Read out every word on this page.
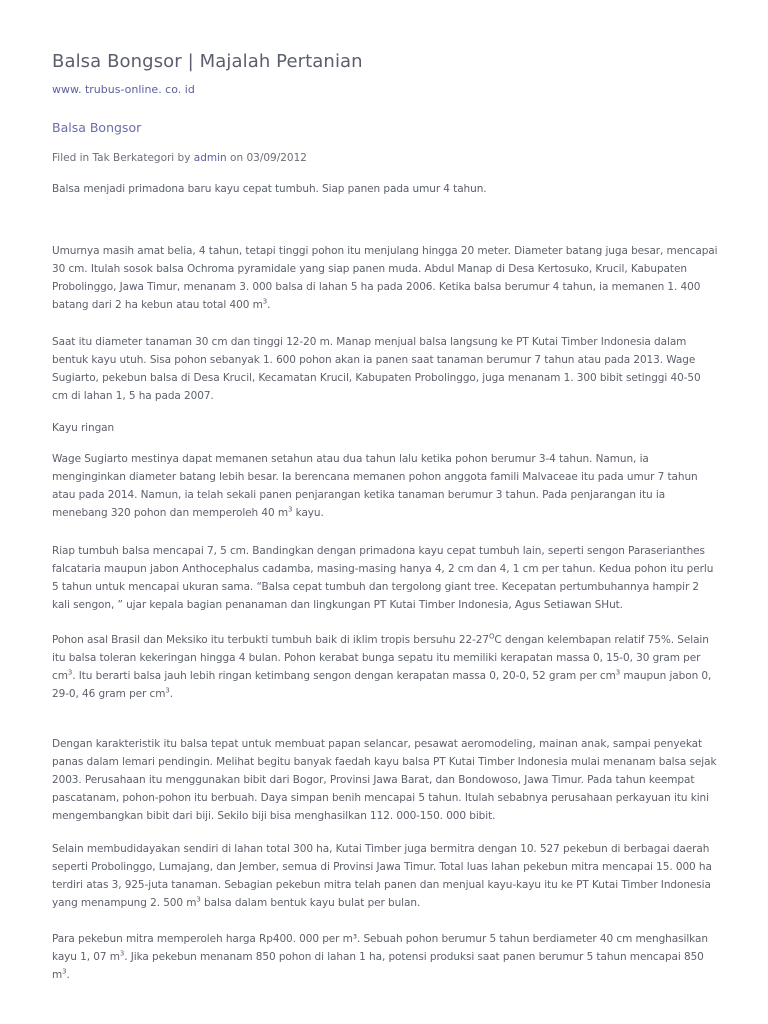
Balsa Bongsor | Majalah Pertanian
www. trubus-online. co. id
Balsa Bongsor
Filed in Tak Berkategori by admin on 03/09/2012

Balsa menjadi primadona baru kayu cepat tumbuh. Siap panen pada umur 4 tahun.

Umurnya masih amat belia, 4 tahun, tetapi tinggi pohon itu menjulang hingga 20 meter. Diameter batang juga besar, mencapai 30 cm. Itulah sosok balsa Ochroma pyramidale yang siap panen muda. Abdul Manap di Desa Kertosuko, Krucil, Kabupaten Probolinggo, Jawa Timur, menanam 3. 000 balsa di lahan 5 ha pada 2006. Ketika balsa berumur 4 tahun, ia memanen 1. 400 batang dari 2 ha kebun atau total 400 $m^3$.

Saat itu diameter tanaman 30 cm dan tinggi 12-20 m. Manap menjual balsa langsung ke PT Kutai Timber Indonesia dalam bentuk kayu utuh. Sisa pohon sebanyak 1. 600 pohon akan ia panen saat tanaman berumur 7 tahun atau pada 2013. Wage Sugiarto, pekebun balsa di Desa Krucil, Kecamatan Krucil, Kabupaten Probolinggo, juga menanam 1. 300 bibit setinggi 40-50 cm di lahan 1, 5 ha pada 2007.

Kayu ringan

Wage Sugiarto mestinya dapat memanen setahun atau dua tahun lalu ketika pohon berumur 3-4 tahun. Namun, ia menginginkan diameter batang lebih besar. Ia berencana memanen pohon anggota famili Malvaceae itu pada umur 7 tahun atau pada 2014. Namun, ia telah sekali panen penjarangan ketika tanaman berumur 3 tahun. Pada penjarangan itu ia menebang 320 pohon dan memperoleh 40 $m^3$ kayu.

Riap tumbuh balsa mencapai 7, 5 cm. Bandingkan dengan primadona kayu cepat tumbuh lain, seperti sengon Paraserianthes falcataria maupun jabon Anthocephalus cadamba, masing-masing hanya 4, 2 cm dan 4, 1 cm per tahun. Kedua pohon itu perlu 5 tahun untuk mencapai ukuran sama. “Balsa cepat tumbuh dan tergolong giant tree. Kecepatan pertumbuhannya hampir 2 kali sengon, ” ujar kepala bagian penanaman dan lingkungan PT Kutai Timber Indonesia, Agus Setiawan SHut.

Pohon asal Brasil dan Meksiko itu terbukti tumbuh baik di iklim tropis bersuhu $22-27^OC$ dengan kelembapan relatif 75%. Selain itu balsa toleran kekeringan hingga 4 bulan. Pohon kerabat bunga sepatu itu memiliki kerapatan massa 0, 15-0, 30 gram per $cm^3$. Itu berarti balsa jauh lebih ringan ketimbang sengon dengan kerapatan massa 0, 20-0, 52 gram per $cm^3$ maupun jabon 0, 29-0, 46 gram per $cm^3$.

Dengan karakteristik itu balsa tepat untuk membuat papan selancar, pesawat aeromodeling, mainan anak, sampai penyekat panas dalam lemari pendingin. Melihat begitu banyak faedah kayu balsa PT Kutai Timber Indonesia mulai menanam balsa sejak 2003. Perusahaan itu menggunakan bibit dari Bogor, Provinsi Jawa Barat, dan Bondowoso, Jawa Timur. Pada tahun keempat pascatanam, pohon-pohon itu berbuah. Daya simpan benih mencapai 5 tahun. Itulah sebabnya perusahaan perkayuan itu kini mengembangkan bibit dari biji. Sekilo biji bisa menghasilkan 112. 000-150. 000 bibit.

Selain membudidayakan sendiri di lahan total 300 ha, Kutai Timber juga bermitra dengan 10. 527 pekebun di berbagai daerah seperti Probolinggo, Lumajang, dan Jember, semua di Provinsi Jawa Timur. Total luas lahan pekebun mitra mencapai 15. 000 ha terdiri atas 3, 925-juta tanaman. Sebagian pekebun mitra telah panen dan menjual kayu-kayu itu ke PT Kutai Timber Indonesia yang menampung 2. 500 $m^3$ balsa dalam bentuk kayu bulat per bulan.

Para pekebun mitra memperoleh harga Rp400. 000 per m³. Sebuah pohon berumur 5 tahun berdiameter 40 cm menghasilkan kayu 1, 07 $m^3$. Jika pekebun menanam 850 pohon di lahan 1 ha, potensi produksi saat panen berumur 5 tahun mencapai 850 $m^3$.
